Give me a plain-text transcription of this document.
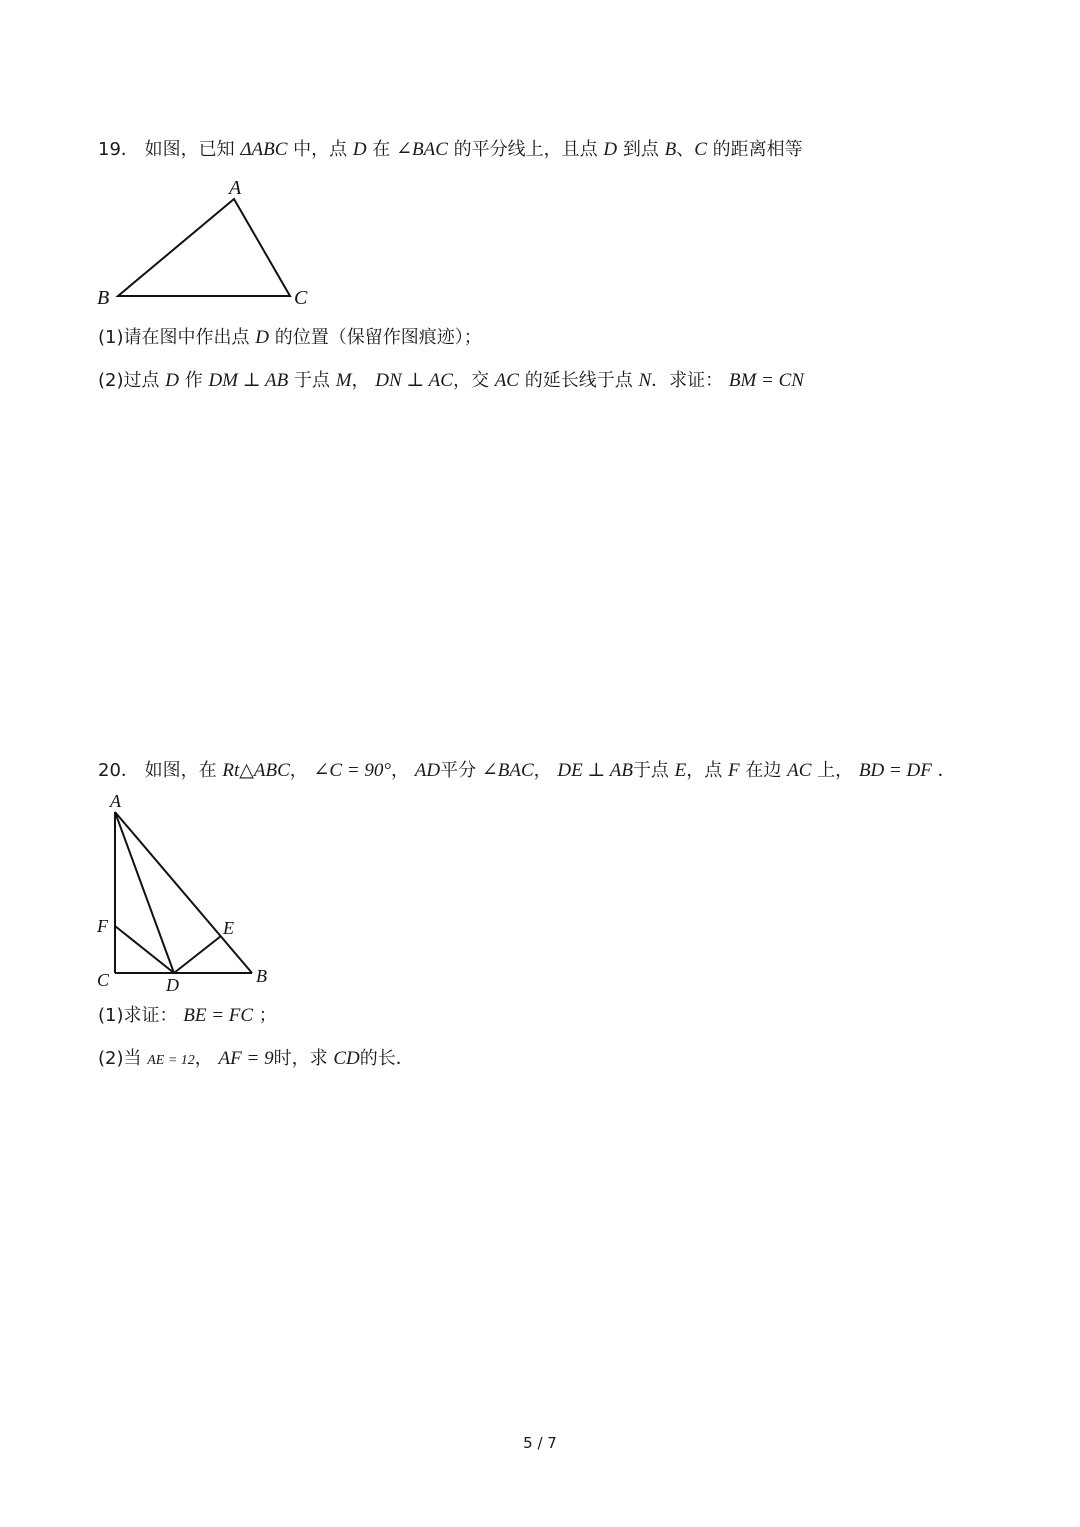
19． 如图，已知 ΔABC 中，点 D 在 ∠BAC 的平分线上，且点 D 到点 B、C 的距离相等
A
B	C
(1)请在图中作出点 D 的位置（保留作图痕迹）；
(2)过点 D 作 DM ⊥ AB 于点 M， DN ⊥ AC，交 AC 的延长线于点 N．求证： BM = CN
20． 如图，在 Rt△ABC， ∠C = 90°， AD平分 ∠BAC， DE ⊥ AB于点 E，点 F 在边 AC 上， BD = DF ．
A
F	E
C	D	B
(1)求证： BE = FC ；
(2)当 AE = 12， AF = 9时，求 CD的长．
5 / 7
